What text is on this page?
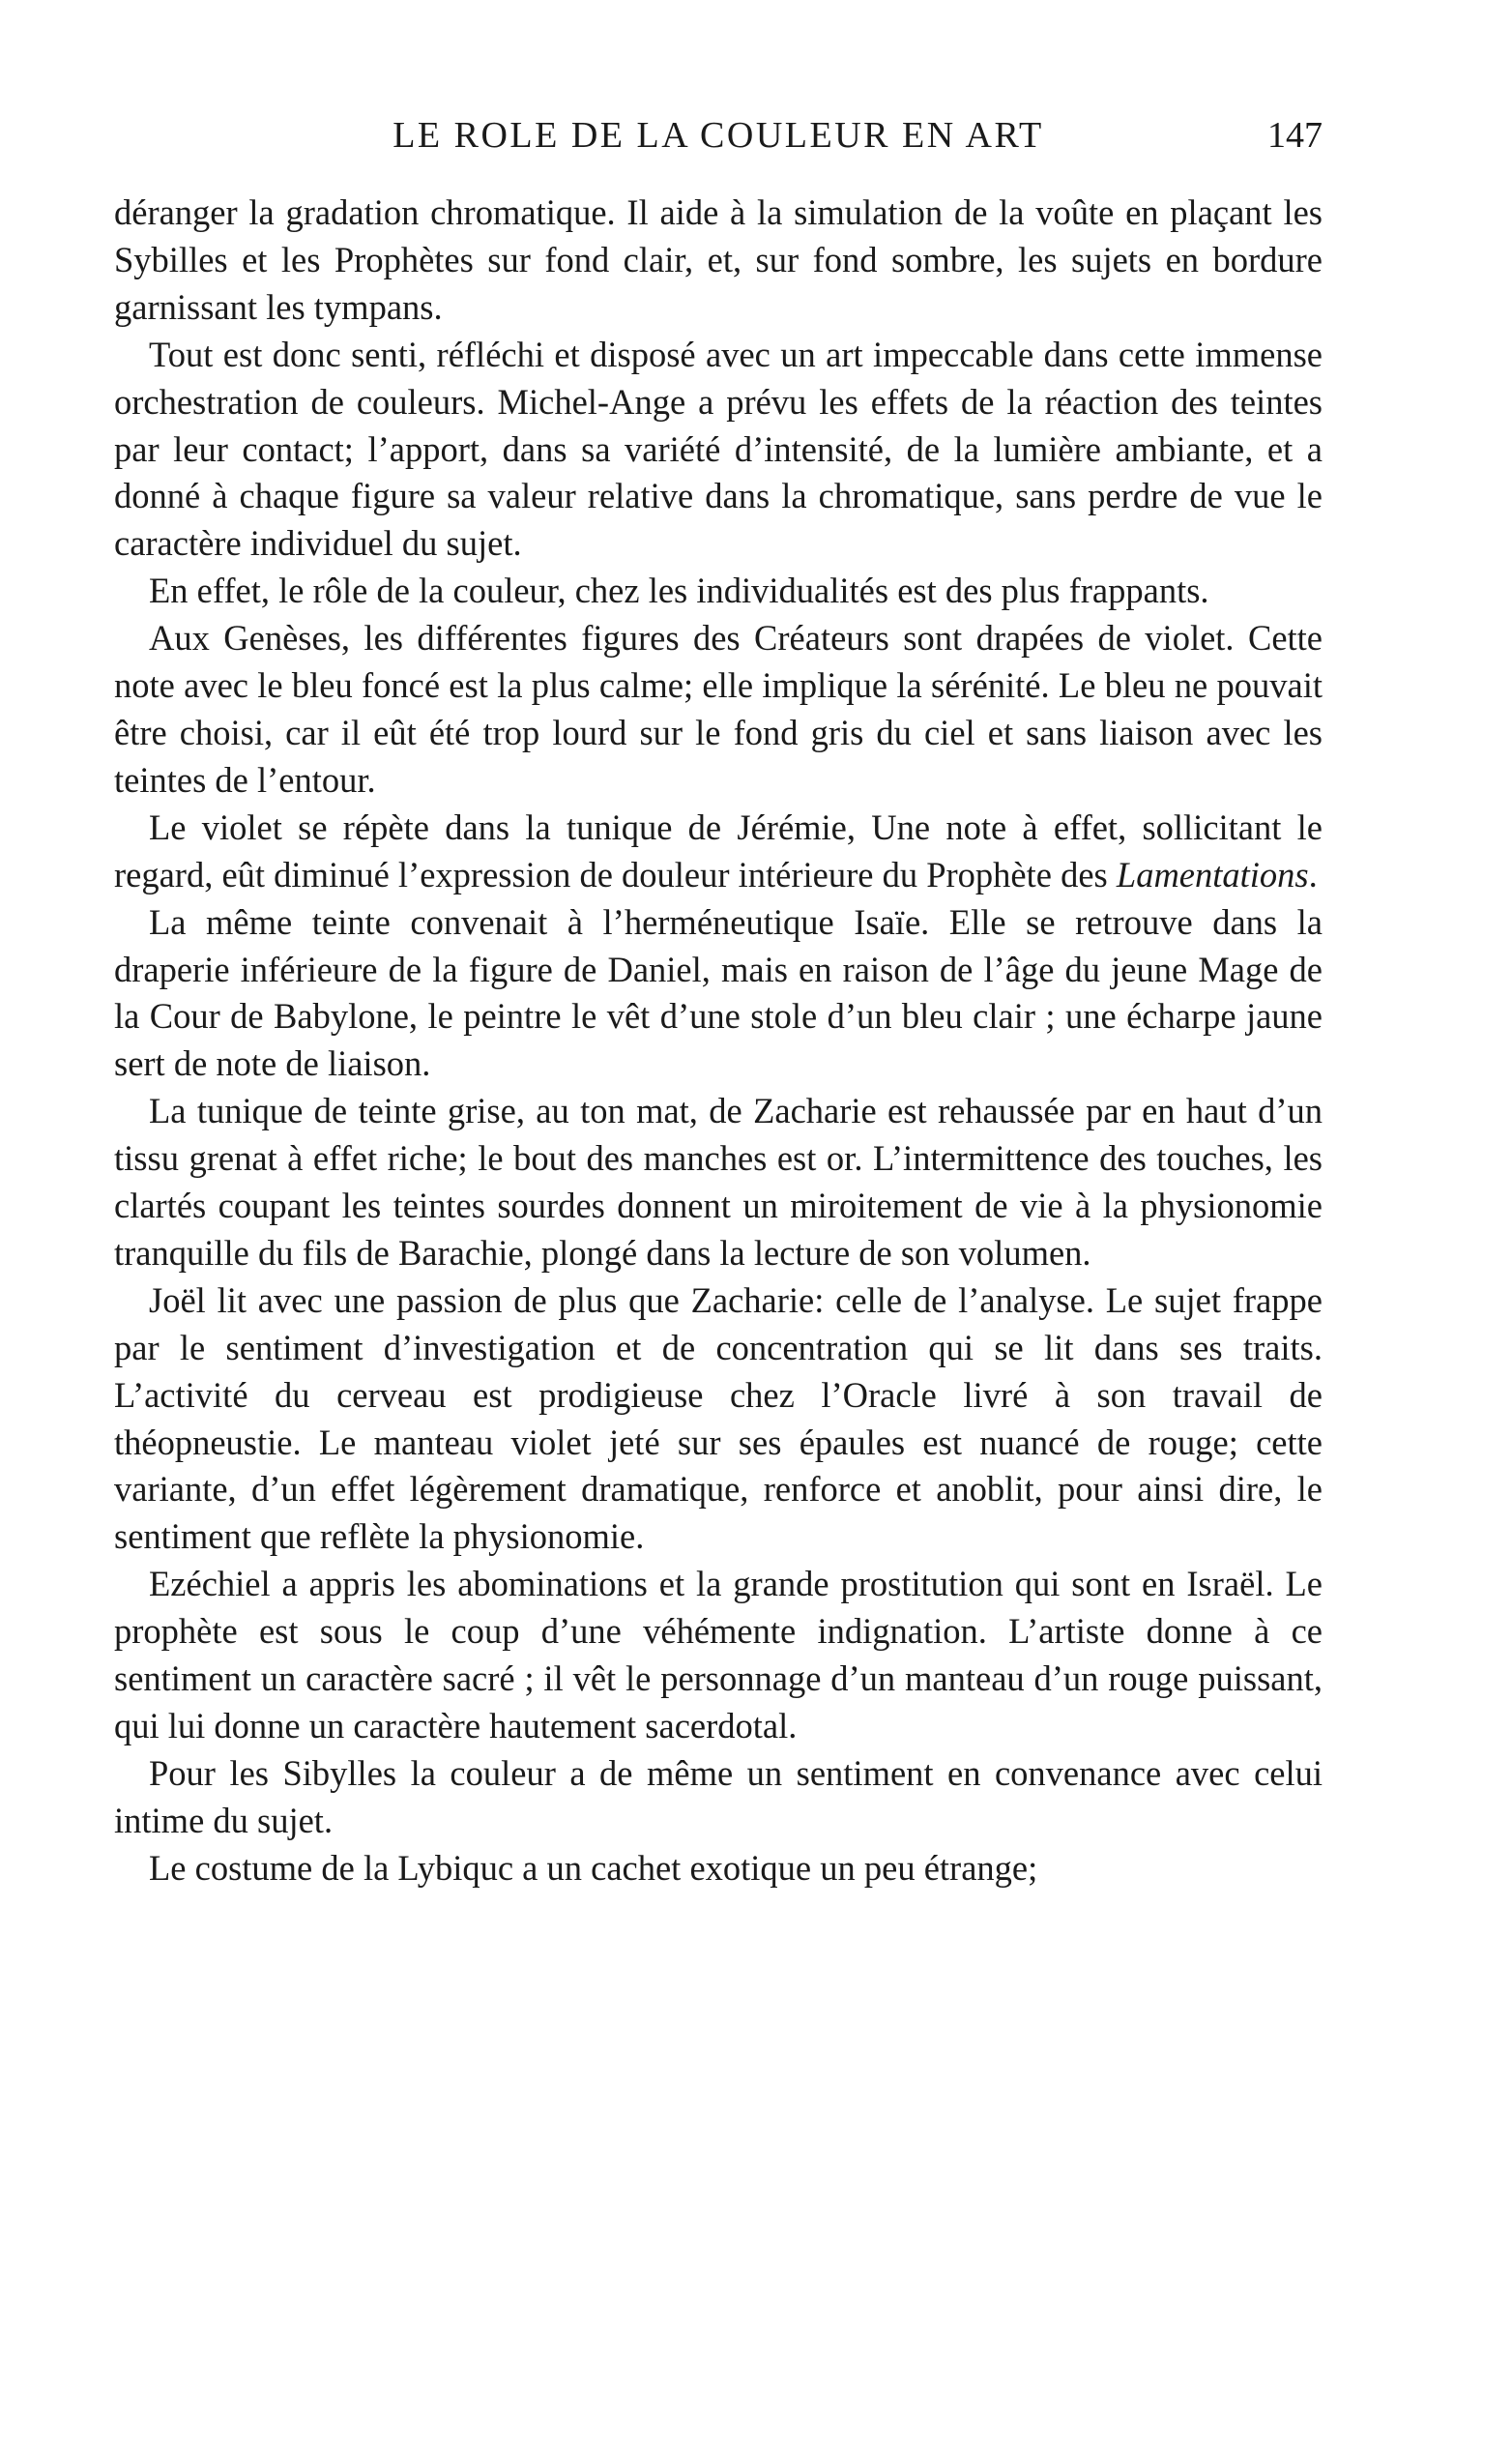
LE ROLE DE LA COULEUR EN ART	147

déranger la gradation chromatique. Il aide à la simulation de la voûte en plaçant les Sybilles et les Prophètes sur fond clair, et, sur fond sombre, les sujets en bordure garnissant les tympans.

Tout est donc senti, réfléchi et disposé avec un art impeccable dans cette immense orchestration de couleurs. Michel-Ange a prévu les effets de la réaction des teintes par leur contact; l’apport, dans sa variété d’intensité, de la lumière ambiante, et a donné à chaque figure sa valeur relative dans la chromatique, sans perdre de vue le caractère individuel du sujet.

En effet, le rôle de la couleur, chez les individualités est des plus frappants.

Aux Genèses, les différentes figures des Créateurs sont drapées de violet. Cette note avec le bleu foncé est la plus calme; elle implique la sérénité. Le bleu ne pouvait être choisi, car il eût été trop lourd sur le fond gris du ciel et sans liaison avec les teintes de l’entour.

Le violet se répète dans la tunique de Jérémie, Une note à effet, sollicitant le regard, eût diminué l’expression de douleur intérieure du Prophète des Lamentations.

La même teinte convenait à l’herméneutique Isaïe. Elle se retrouve dans la draperie inférieure de la figure de Daniel, mais en raison de l’âge du jeune Mage de la Cour de Babylone, le peintre le vêt d’une stole d’un bleu clair ; une écharpe jaune sert de note de liaison.

La tunique de teinte grise, au ton mat, de Zacharie est rehaussée par en haut d’un tissu grenat à effet riche; le bout des manches est or. L’intermittence des touches, les clartés coupant les teintes sourdes donnent un miroitement de vie à la physionomie tranquille du fils de Barachie, plongé dans la lecture de son volumen.

Joël lit avec une passion de plus que Zacharie: celle de l’analyse. Le sujet frappe par le sentiment d’investigation et de concentration qui se lit dans ses traits. L’activité du cerveau est prodigieuse chez l’Oracle livré à son travail de théopneustie. Le manteau violet jeté sur ses épaules est nuancé de rouge; cette variante, d’un effet légèrement dramatique, renforce et anoblit, pour ainsi dire, le sentiment que reflète la physionomie.

Ezéchiel a appris les abominations et la grande prostitution qui sont en Israël. Le prophète est sous le coup d’une véhémente indignation. L’artiste donne à ce sentiment un caractère sacré ; il vêt le personnage d’un manteau d’un rouge puissant, qui lui donne un caractère hautement sacerdotal.

Pour les Sibylles la couleur a de même un sentiment en convenance avec celui intime du sujet.

Le costume de la Lybiquc a un cachet exotique un peu étrange;
